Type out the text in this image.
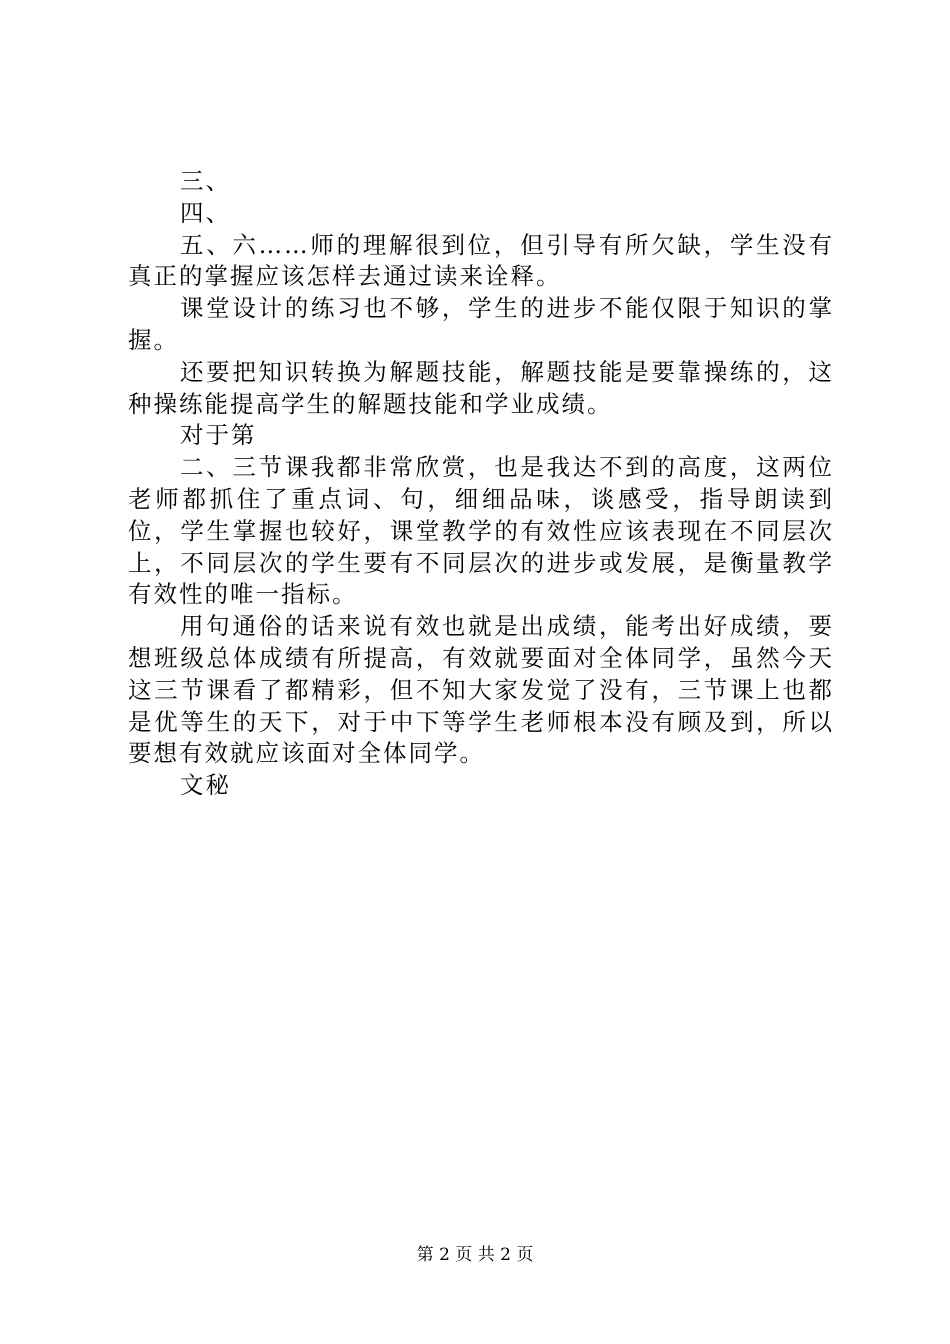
三、

四、

五、六……师的理解很到位，但引导有所欠缺，学生没有真正的掌握应该怎样去通过读来诠释。

课堂设计的练习也不够，学生的进步不能仅限于知识的掌握。

还要把知识转换为解题技能，解题技能是要靠操练的，这种操练能提高学生的解题技能和学业成绩。

对于第

二、三节课我都非常欣赏，也是我达不到的高度，这两位老师都抓住了重点词、句，细细品味，谈感受，指导朗读到位，学生掌握也较好，课堂教学的有效性应该表现在不同层次上，不同层次的学生要有不同层次的进步或发展，是衡量教学有效性的唯一指标。

用句通俗的话来说有效也就是出成绩，能考出好成绩，要想班级总体成绩有所提高，有效就要面对全体同学，虽然今天这三节课看了都精彩，但不知大家发觉了没有，三节课上也都是优等生的天下，对于中下等学生老师根本没有顾及到，所以要想有效就应该面对全体同学。

文秘

第 2 页 共 2 页
